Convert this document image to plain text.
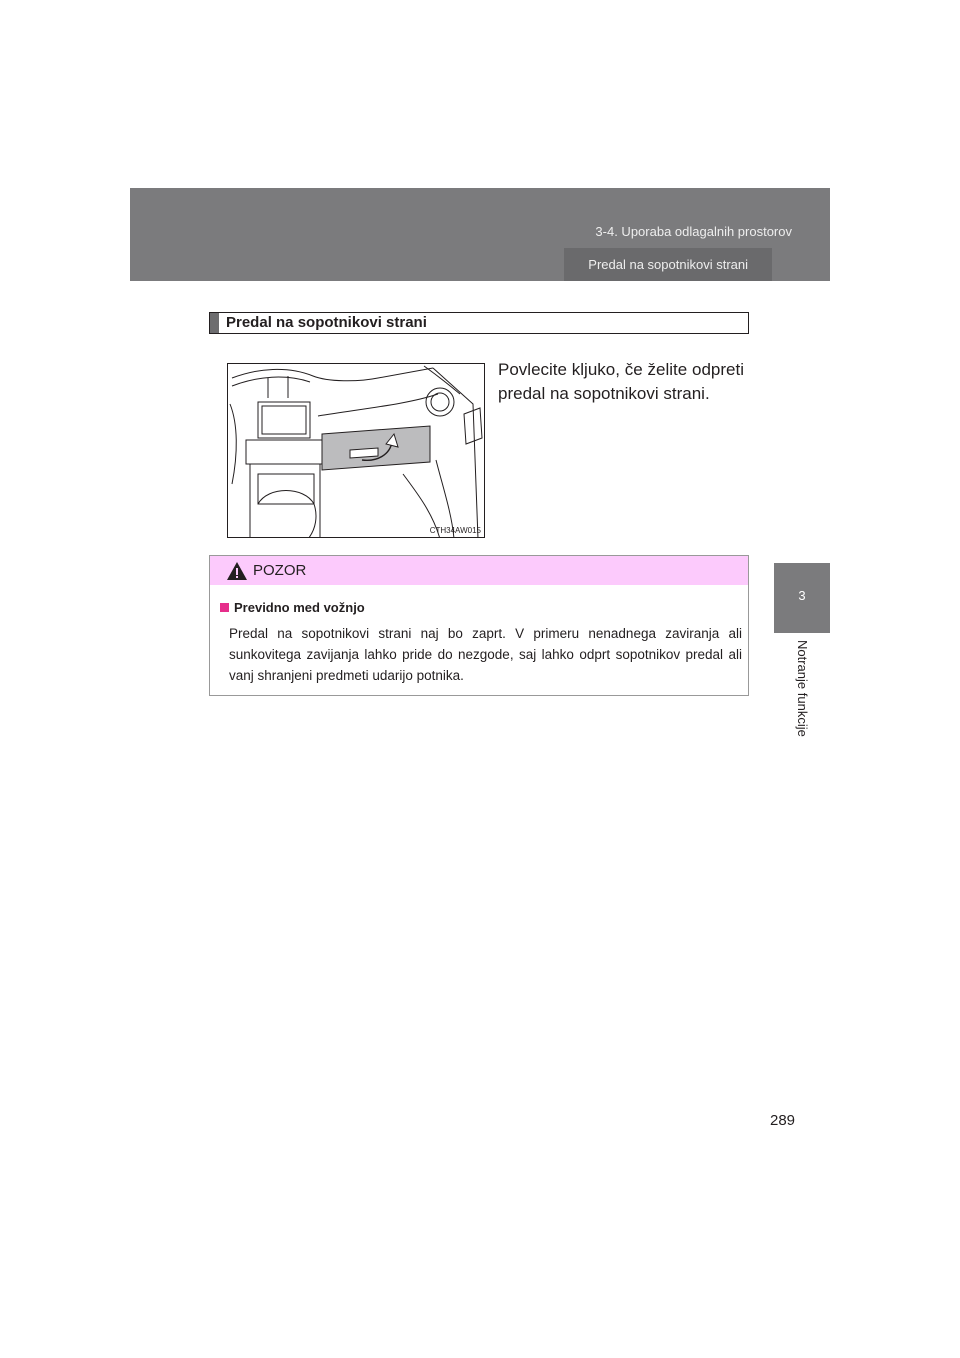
3-4. Uporaba odlagalnih prostorov
Predal na sopotnikovi strani
3
Notranje funkcije
Predal na sopotnikovi strani
CTH34AW015
Povlecite kljuko, če želite odpreti predal na sopotnikovi strani.
POZOR
Previdno med vožnjo
Predal na sopotnikovi strani naj bo zaprt. V primeru nenadnega zaviranja ali sunkovitega zavijanja lahko pride do nezgode, saj lahko odprt sopotnikov predal ali vanj shranjeni predmeti udarijo potnika.
289
